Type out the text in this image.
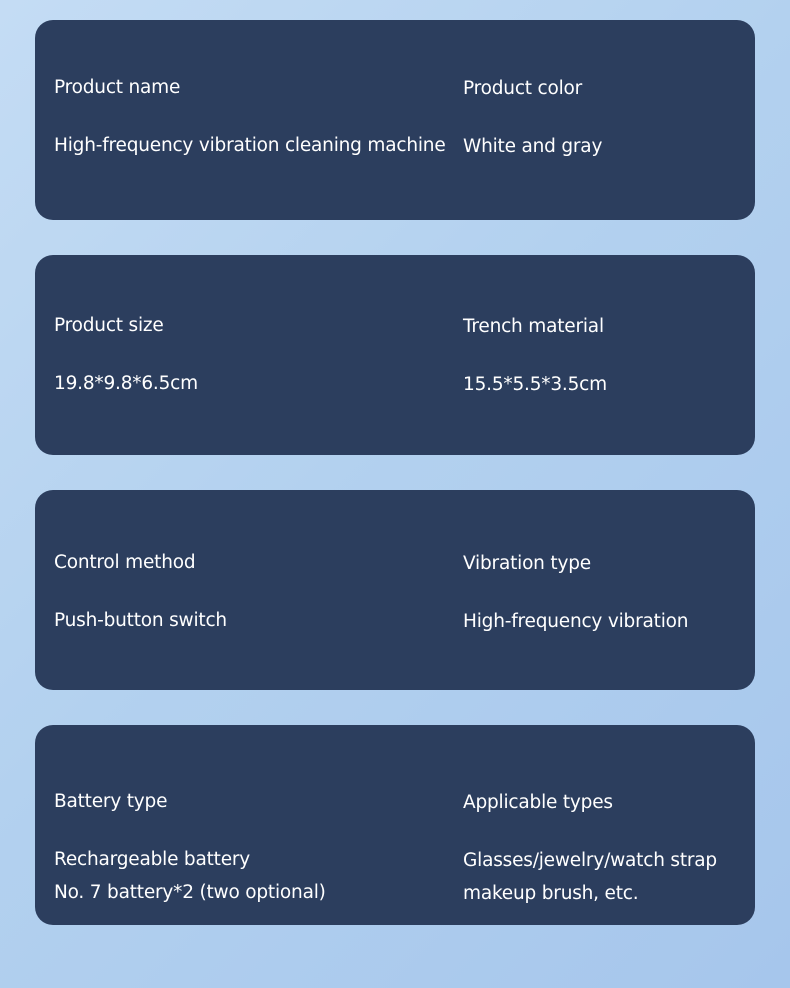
Product name
High-frequency vibration cleaning machine
Product color
White and gray
Product size
19.8*9.8*6.5cm
Trench material
15.5*5.5*3.5cm
Control method
Push-button switch
Vibration type
High-frequency vibration
Battery type
Rechargeable battery
No. 7 battery*2 (two optional)
Applicable types
Glasses/jewelry/watch strap
makeup brush, etc.
